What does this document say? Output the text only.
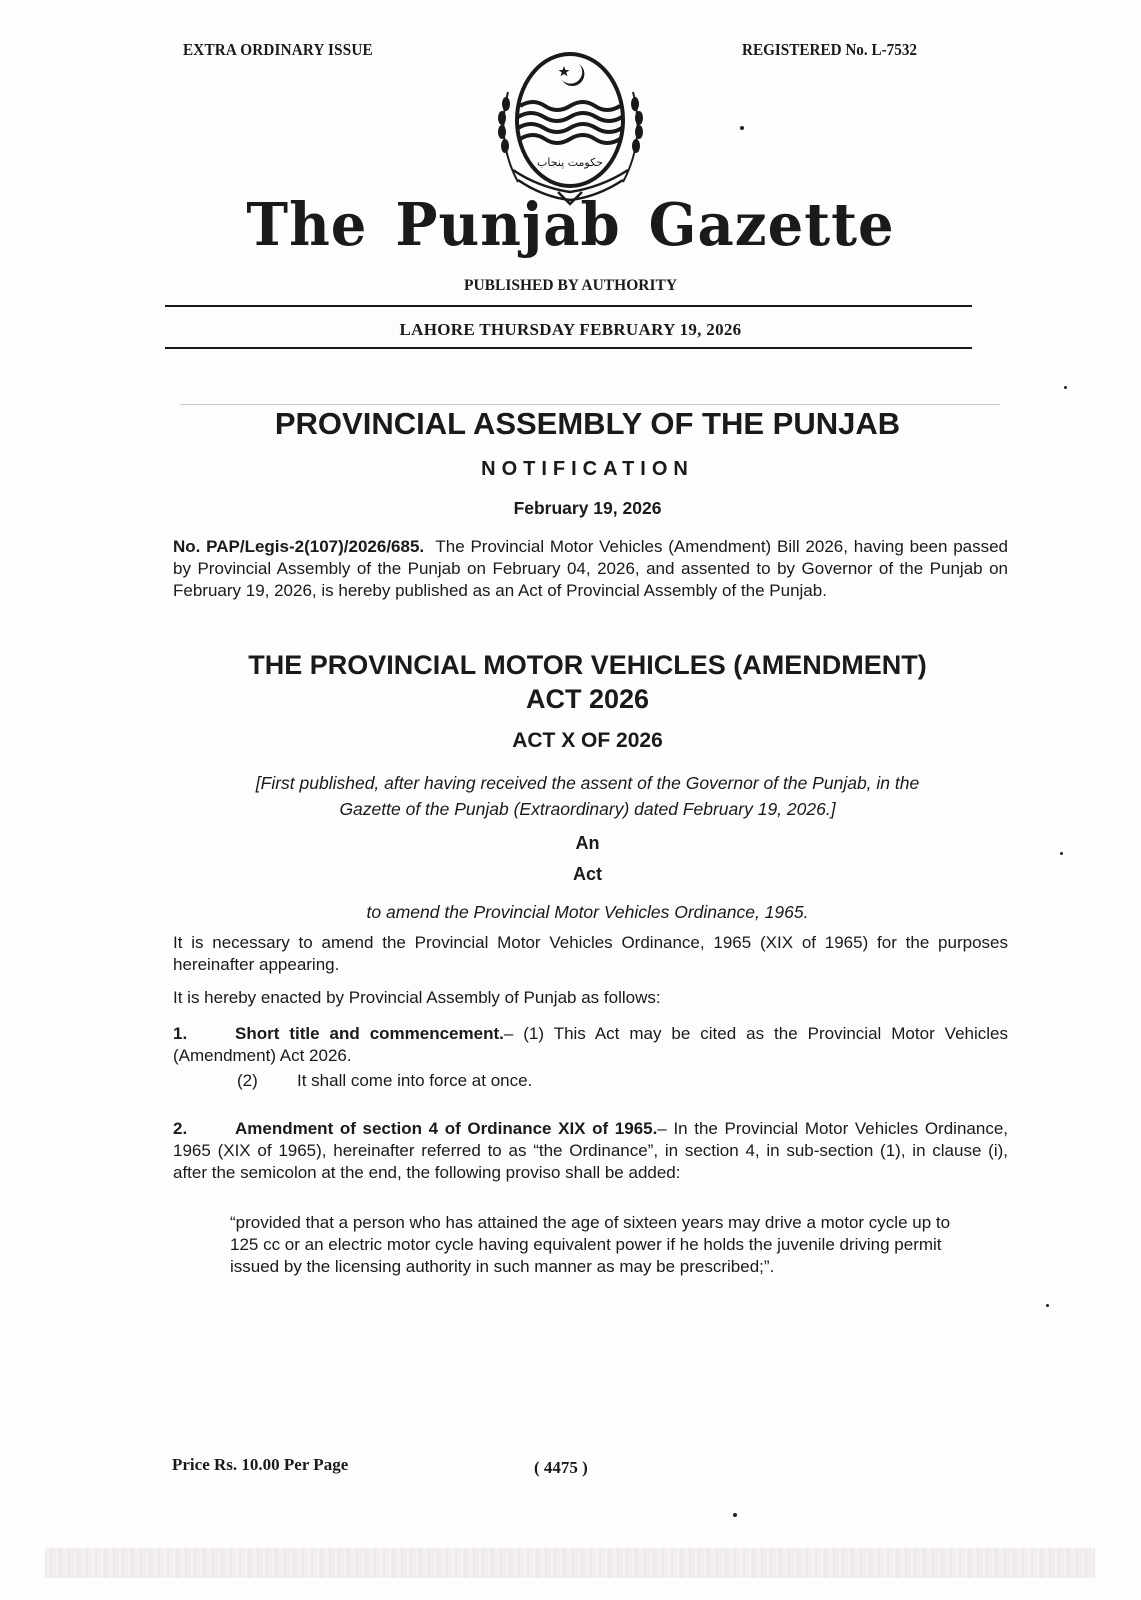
EXTRA ORDINARY ISSUE	REGISTERED No. L-7532
حکومت پنجاب
The Punjab Gazette
PUBLISHED BY AUTHORITY
LAHORE THURSDAY FEBRUARY 19, 2026
PROVINCIAL ASSEMBLY OF THE PUNJAB
NOTIFICATION
February 19, 2026
No. PAP/Legis-2(107)/2026/685. The Provincial Motor Vehicles (Amendment) Bill 2026, having been passed by Provincial Assembly of the Punjab on February 04, 2026, and assented to by Governor of the Punjab on February 19, 2026, is hereby published as an Act of Provincial Assembly of the Punjab.
THE PROVINCIAL MOTOR VEHICLES (AMENDMENT)
ACT 2026
ACT X OF 2026
[First published, after having received the assent of the Governor of the Punjab, in the
Gazette of the Punjab (Extraordinary) dated February 19, 2026.]
An
Act
to amend the Provincial Motor Vehicles Ordinance, 1965.
It is necessary to amend the Provincial Motor Vehicles Ordinance, 1965 (XIX of 1965) for the purposes hereinafter appearing.
It is hereby enacted by Provincial Assembly of Punjab as follows:
1.	Short title and commencement.– (1) This Act may be cited as the Provincial Motor Vehicles (Amendment) Act 2026.
(2) It shall come into force at once.
2.	Amendment of section 4 of Ordinance XIX of 1965.– In the Provincial Motor Vehicles Ordinance, 1965 (XIX of 1965), hereinafter referred to as “the Ordinance”, in section 4, in sub-section (1), in clause (i), after the semicolon at the end, the following proviso shall be added:
“provided that a person who has attained the age of sixteen years may drive a motor cycle up to 125 cc or an electric motor cycle having equivalent power if he holds the juvenile driving permit issued by the licensing authority in such manner as may be prescribed;”.
Price Rs. 10.00 Per Page	( 4475 )
